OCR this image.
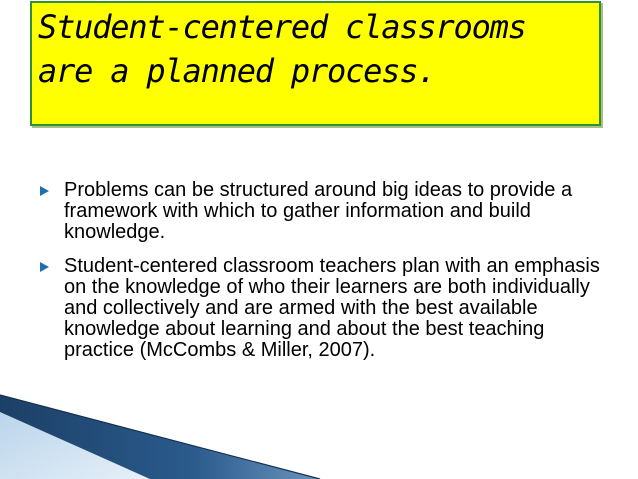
Student-centered classrooms are a planned process.
Problems can be structured around big ideas to provide a framework with which to gather information and build knowledge.
Student-centered classroom teachers plan with an emphasis on the knowledge of who their learners are both individually and collectively and are armed with the best available knowledge about learning and about the best teaching practice (McCombs & Miller, 2007).
